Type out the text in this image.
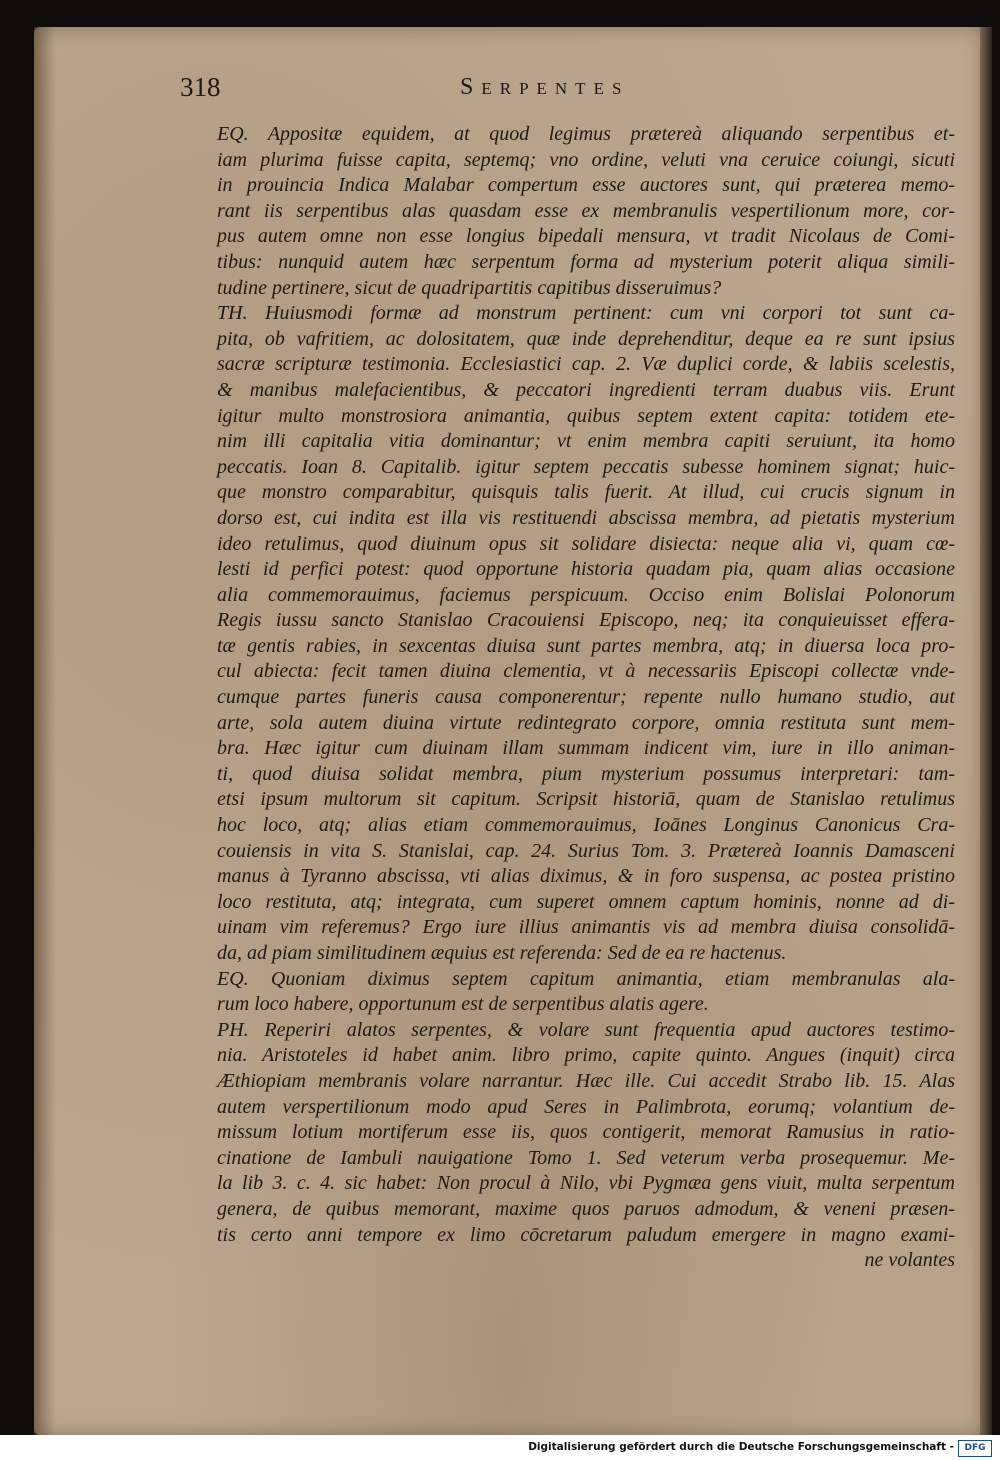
318	Serpentes
EQ. Appositæ equidem, at quod legimus prætereà aliquando serpentibus et-
iam plurima fuisse capita, septemq; vno ordine, veluti vna ceruice coiungi, sicuti
in prouincia Indica Malabar compertum esse auctores sunt, qui præterea memo-
rant iis serpentibus alas quasdam esse ex membranulis vespertilionum more, cor-
pus autem omne non esse longius bipedali mensura, vt tradit Nicolaus de Comi-
tibus: nunquid autem hæc serpentum forma ad mysterium poterit aliqua simili-
tudine pertinere, sicut de quadripartitis capitibus disseruimus?
TH. Huiusmodi formæ ad monstrum pertinent: cum vni corpori tot sunt ca-
pita, ob vafritiem, ac dolositatem, quæ inde deprehenditur, deque ea re sunt ipsius
sacræ scripturæ testimonia. Ecclesiastici cap. 2. Væ duplici corde, & labiis scelestis,
& manibus malefacientibus, & peccatori ingredienti terram duabus viis. Erunt
igitur multo monstrosiora animantia, quibus septem extent capita: totidem ete-
nim illi capitalia vitia dominantur; vt enim membra capiti seruiunt, ita homo
peccatis. Ioan 8. Capitalib. igitur septem peccatis subesse hominem signat; huic-
que monstro comparabitur, quisquis talis fuerit. At illud, cui crucis signum in
dorso est, cui indita est illa vis restituendi abscissa membra, ad pietatis mysterium
ideo retulimus, quod diuinum opus sit solidare disiecta: neque alia vi, quam cœ-
lesti id perfici potest: quod opportune historia quadam pia, quam alias occasione
alia commemorauimus, faciemus perspicuum. Occiso enim Bolislai Polonorum
Regis iussu sancto Stanislao Cracouiensi Episcopo, neq; ita conquieuisset effera-
tæ gentis rabies, in sexcentas diuisa sunt partes membra, atq; in diuersa loca pro-
cul abiecta: fecit tamen diuina clementia, vt à necessariis Episcopi collectæ vnde-
cumque partes funeris causa componerentur; repente nullo humano studio, aut
arte, sola autem diuina virtute redintegrato corpore, omnia restituta sunt mem-
bra. Hæc igitur cum diuinam illam summam indicent vim, iure in illo animan-
ti, quod diuisa solidat membra, pium mysterium possumus interpretari: tam-
etsi ipsum multorum sit capitum. Scripsit historiā, quam de Stanislao retulimus
hoc loco, atq; alias etiam commemorauimus, Ioānes Longinus Canonicus Cra-
couiensis in vita S. Stanislai, cap. 24. Surius Tom. 3. Prætereà Ioannis Damasceni
manus à Tyranno abscissa, vti alias diximus, & in foro suspensa, ac postea pristino
loco restituta, atq; integrata, cum superet omnem captum hominis, nonne ad di-
uinam vim referemus? Ergo iure illius animantis vis ad membra diuisa consolidā-
da, ad piam similitudinem æquius est referenda: Sed de ea re hactenus.
EQ. Quoniam diximus septem capitum animantia, etiam membranulas ala-
rum loco habere, opportunum est de serpentibus alatis agere.
PH. Reperiri alatos serpentes, & volare sunt frequentia apud auctores testimo-
nia. Aristoteles id habet anim. libro primo, capite quinto. Angues (inquit) circa
Æthiopiam membranis volare narrantur. Hæc ille. Cui accedit Strabo lib. 15. Alas
autem verspertilionum modo apud Seres in Palimbrota, eorumq; volantium de-
missum lotium mortiferum esse iis, quos contigerit, memorat Ramusius in ratio-
cinatione de Iambuli nauigatione Tomo 1. Sed veterum verba prosequemur. Me-
la lib 3. c. 4. sic habet: Non procul à Nilo, vbi Pygmæa gens viuit, multa serpentum
genera, de quibus memorant, maxime quos paruos admodum, & veneni præsen-
tis certo anni tempore ex limo cōcretarum paludum emergere in magno exami-
ne volantes
Digitalisierung gefördert durch die Deutsche Forschungsgemeinschaft -	DFG
